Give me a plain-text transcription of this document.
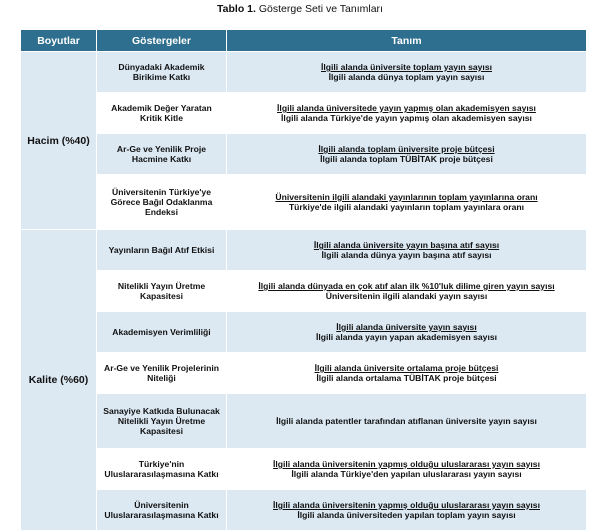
Tablo 1. Gösterge Seti ve Tanımları
Boyutlar	Göstergeler	Tanım
Hacim (%40)	Dünyadaki Akademik Birikime Katkı	İlgili alanda üniversite toplam yayın sayısı
İlgili alanda dünya toplam yayın sayısı

	Akademik Değer Yaratan Kritik Kitle	İlgili alanda üniversitede yayın yapmış olan akademisyen sayısı
İlgili alanda Türkiye'de yayın yapmış olan akademisyen sayısı

	Ar-Ge ve Yenilik Proje Hacmine Katkı	İlgili alanda toplam üniversite proje bütçesi
İlgili alanda toplam TÜBİTAK proje bütçesi

	Üniversitenin Türkiye'ye Görece Bağıl Odaklanma Endeksi	Üniversitenin ilgili alandaki yayınlarının toplam yayınlarına oranı
Türkiye'de ilgili alandaki yayınların toplam yayınlara oranı

Kalite (%60)	Yayınların Bağıl Atıf Etkisi	İlgili alanda üniversite yayın başına atıf sayısı
İlgili alanda dünya yayın başına atıf sayısı

	Nitelikli Yayın Üretme Kapasitesi	İlgili alanda dünyada en çok atıf alan ilk %10'luk dilime giren yayın sayısı
Üniversitenin ilgili alandaki yayın sayısı

	Akademisyen Verimliliği	İlgili alanda üniversite yayın sayısı
İlgili alanda yayın yapan akademisyen sayısı

	Ar-Ge ve Yenilik Projelerinin Niteliği	İlgili alanda üniversite ortalama proje bütçesi
İlgili alanda ortalama TÜBİTAK proje bütçesi

	Sanayiye Katkıda Bulunacak Nitelikli Yayın Üretme Kapasitesi	İlgili alanda patentler tarafından atıflanan üniversite yayın sayısı

	Türkiye'nin Uluslararasılaşmasına Katkı	İlgili alanda üniversitenin yapmış olduğu uluslararası yayın sayısı
İlgili alanda Türkiye'den yapılan uluslararası yayın sayısı

	Üniversitenin Uluslararasılaşmasına Katkı	İlgili alanda üniversitenin yapmış olduğu uluslararası yayın sayısı
İlgili alanda üniversiteden yapılan toplam yayın sayısı
